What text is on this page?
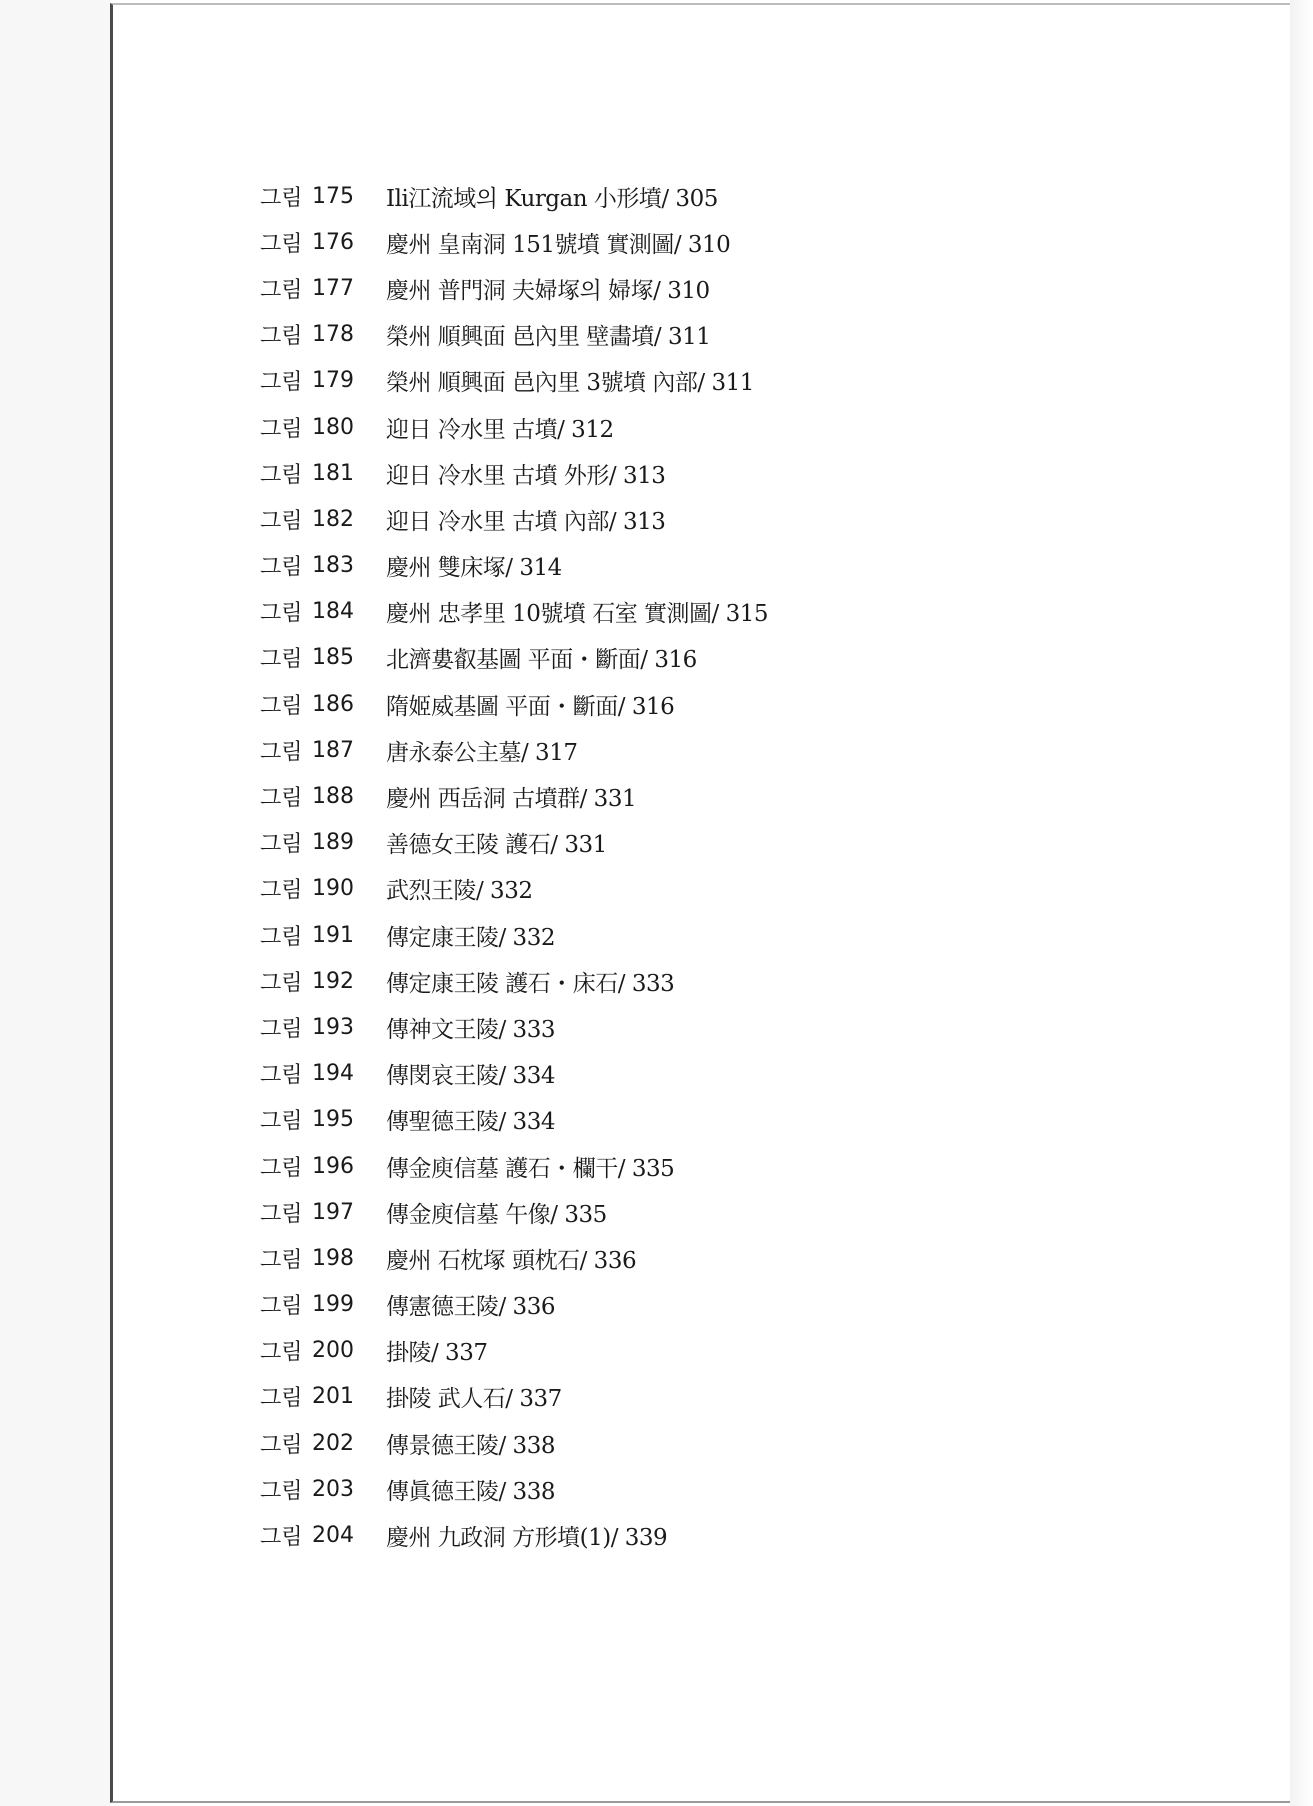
그림 175	Ili江流域의 Kurgan 小形墳/ 305
그림 176	慶州 皇南洞 151號墳 實測圖/ 310
그림 177	慶州 普門洞 夫婦塚의 婦塚/ 310
그림 178	榮州 順興面 邑內里 壁畵墳/ 311
그림 179	榮州 順興面 邑內里 3號墳 內部/ 311
그림 180	迎日 冷水里 古墳/ 312
그림 181	迎日 冷水里 古墳 外形/ 313
그림 182	迎日 冷水里 古墳 內部/ 313
그림 183	慶州 雙床塚/ 314
그림 184	慶州 忠孝里 10號墳 石室 實測圖/ 315
그림 185	北濟婁叡基圖 平面・斷面/ 316
그림 186	隋姬威基圖 平面・斷面/ 316
그림 187	唐永泰公主墓/ 317
그림 188	慶州 西岳洞 古墳群/ 331
그림 189	善德女王陵 護石/ 331
그림 190	武烈王陵/ 332
그림 191	傳定康王陵/ 332
그림 192	傳定康王陵 護石・床石/ 333
그림 193	傳神文王陵/ 333
그림 194	傳閔哀王陵/ 334
그림 195	傳聖德王陵/ 334
그림 196	傳金庾信墓 護石・欄干/ 335
그림 197	傳金庾信墓 午像/ 335
그림 198	慶州 石枕塚 頭枕石/ 336
그림 199	傳憲德王陵/ 336
그림 200	掛陵/ 337
그림 201	掛陵 武人石/ 337
그림 202	傳景德王陵/ 338
그림 203	傳眞德王陵/ 338
그림 204	慶州 九政洞 方形墳(1)/ 339
